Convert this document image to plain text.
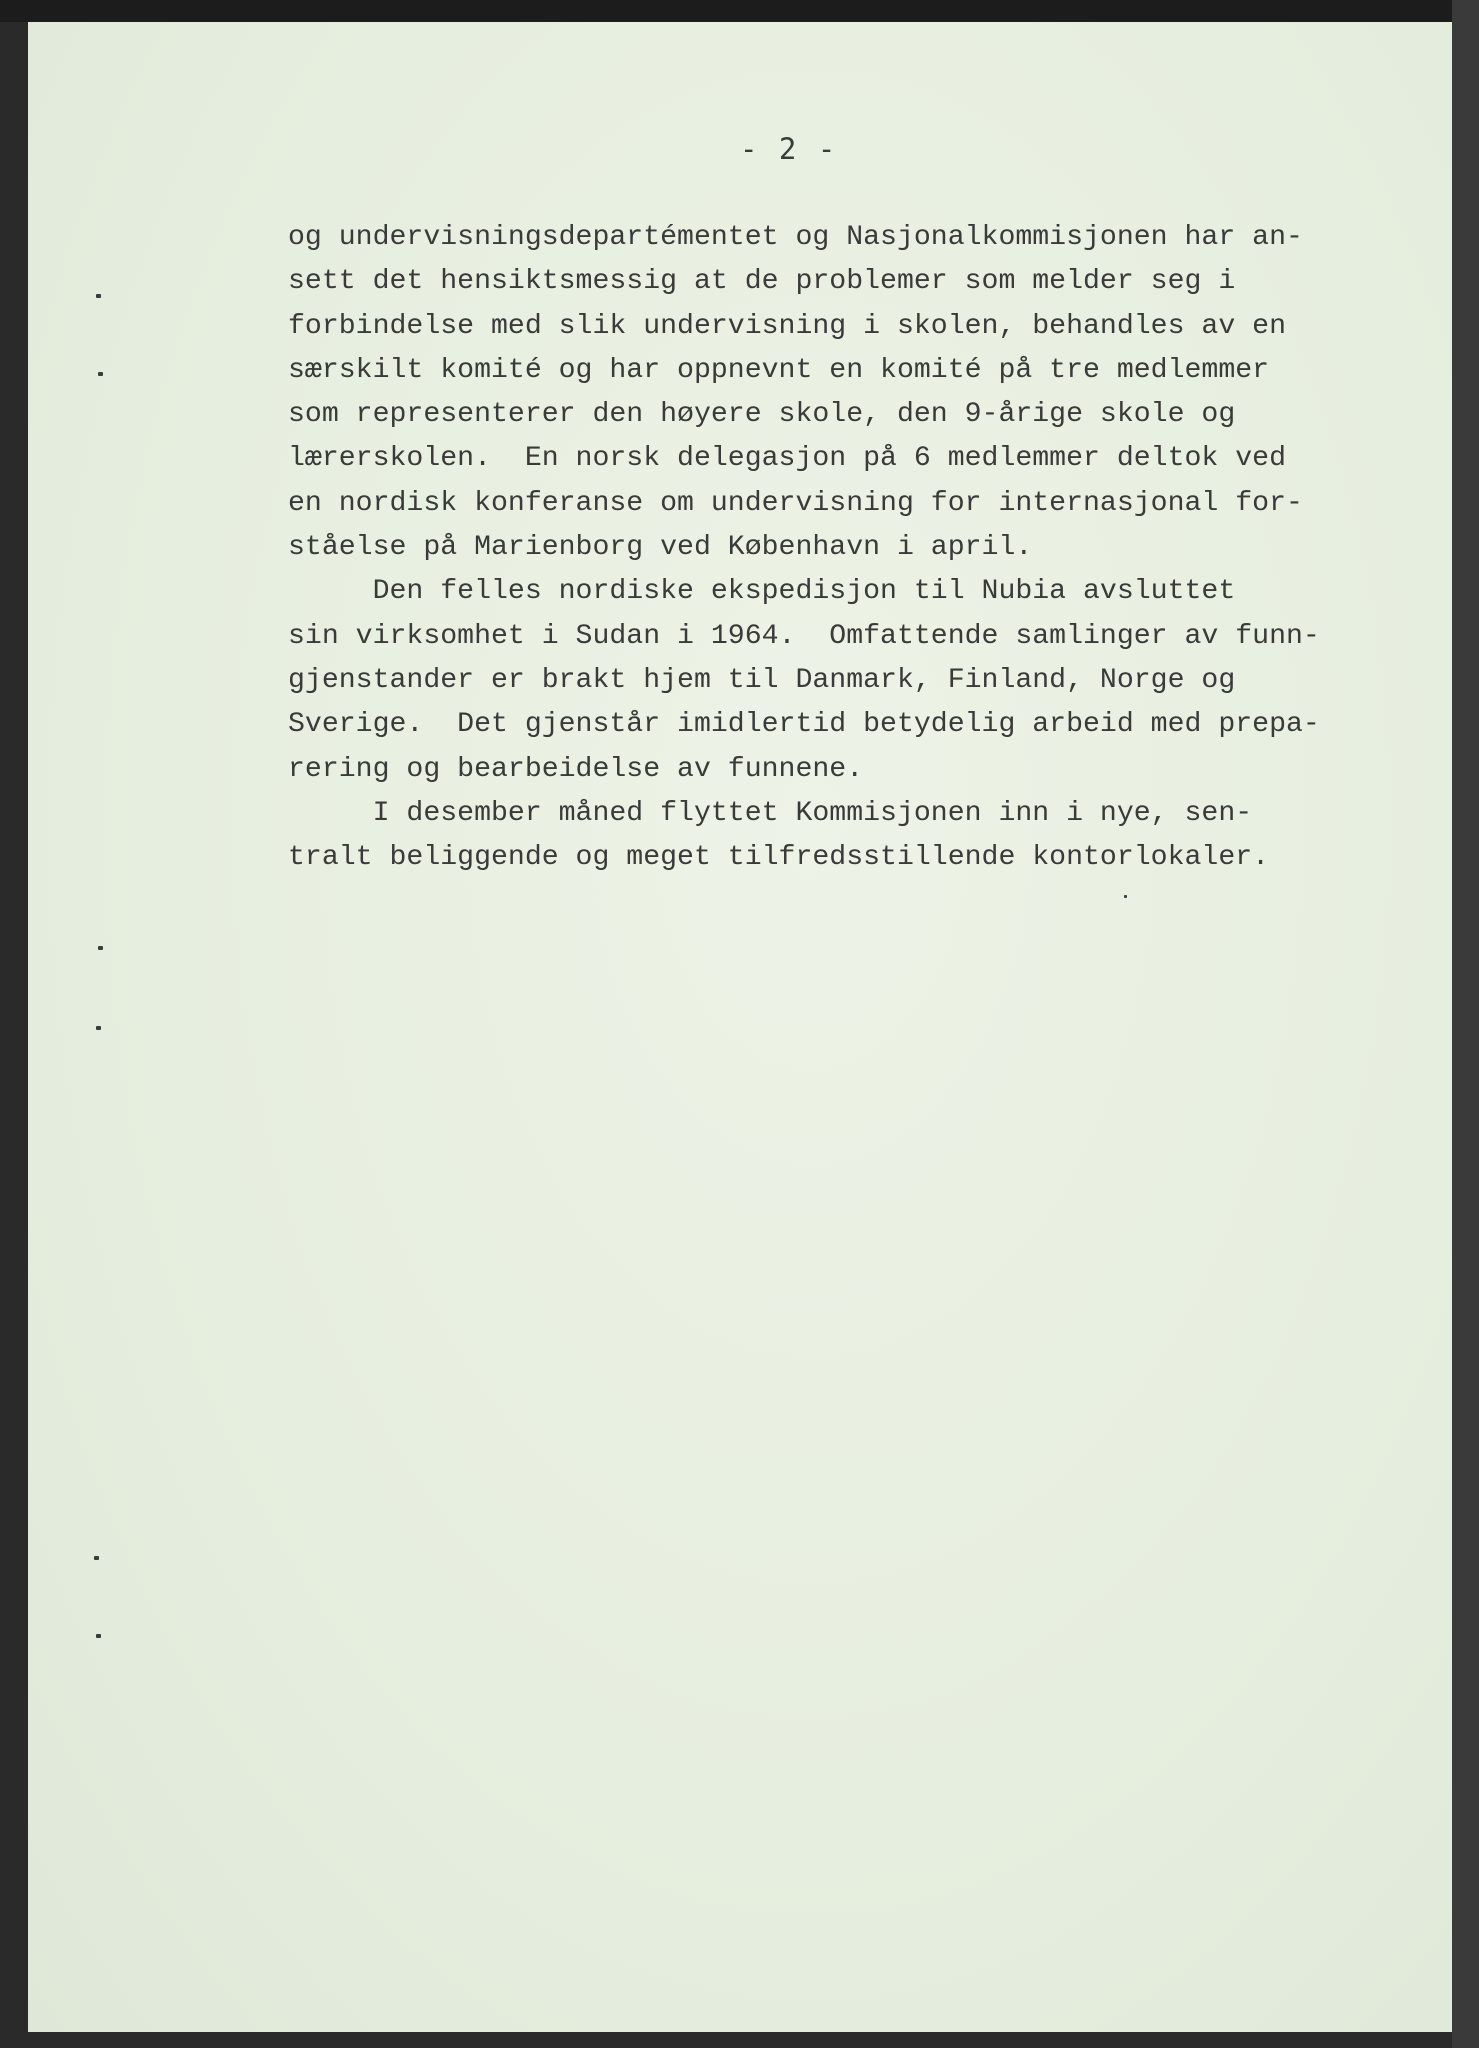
- 2 -
og undervisningsdepartémentet og Nasjonalkommisjonen har an-
sett det hensiktsmessig at de problemer som melder seg i
forbindelse med slik undervisning i skolen, behandles av en
særskilt komité og har oppnevnt en komité på tre medlemmer
som representerer den høyere skole, den 9-årige skole og
lærerskolen.  En norsk delegasjon på 6 medlemmer deltok ved
en nordisk konferanse om undervisning for internasjonal for-
ståelse på Marienborg ved København i april.
Den felles nordiske ekspedisjon til Nubia avsluttet
sin virksomhet i Sudan i 1964.  Omfattende samlinger av funn-
gjenstander er brakt hjem til Danmark, Finland, Norge og
Sverige.  Det gjenstår imidlertid betydelig arbeid med prepa-
rering og bearbeidelse av funnene.
I desember måned flyttet Kommisjonen inn i nye, sen-
tralt beliggende og meget tilfredsstillende kontorlokaler.
